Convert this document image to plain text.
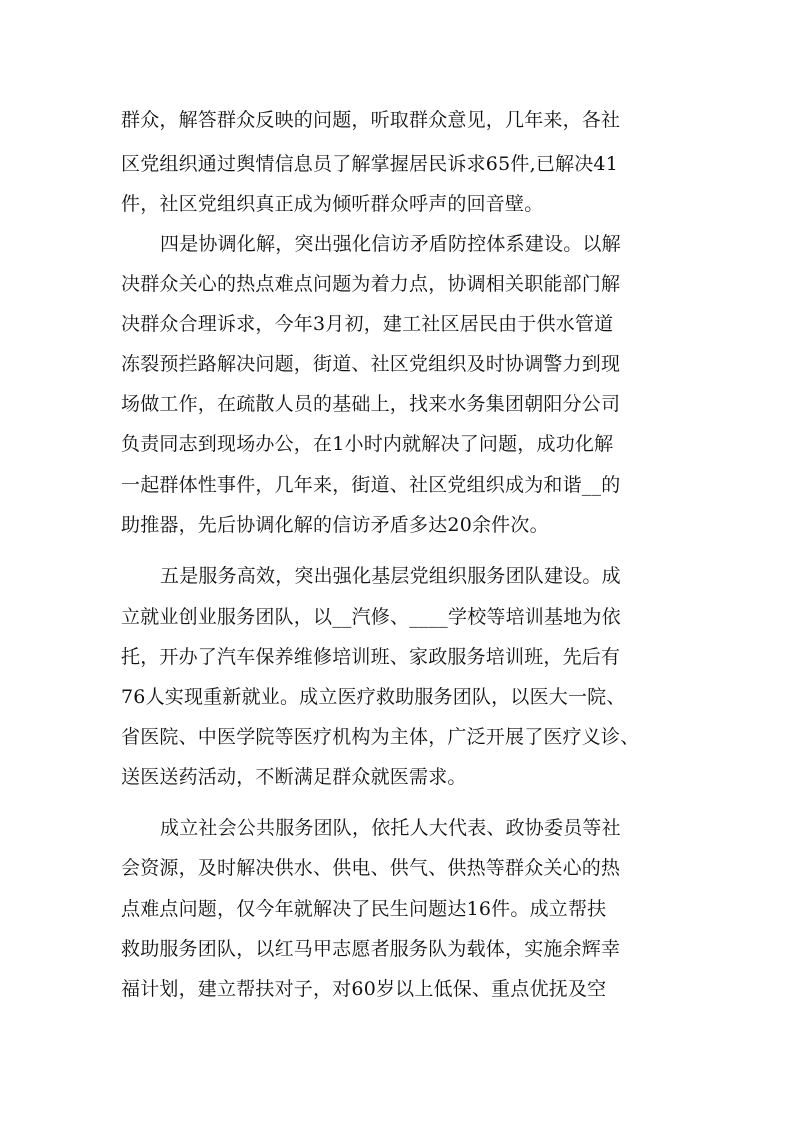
群众，解答群众反映的问题，听取群众意见，几年来，各社
区党组织通过舆情信息员了解掌握居民诉求65件,已解决41
件，社区党组织真正成为倾听群众呼声的回音壁。
四是协调化解，突出强化信访矛盾防控体系建设。以解
决群众关心的热点难点问题为着力点，协调相关职能部门解
决群众合理诉求，今年3月初，建工社区居民由于供水管道
冻裂预拦路解决问题，街道、社区党组织及时协调警力到现
场做工作，在疏散人员的基础上，找来水务集团朝阳分公司
负责同志到现场办公，在1小时内就解决了问题，成功化解
一起群体性事件，几年来，街道、社区党组织成为和谐__的
助推器，先后协调化解的信访矛盾多达20余件次。
五是服务高效，突出强化基层党组织服务团队建设。成
立就业创业服务团队，以__汽修、____学校等培训基地为依
托，开办了汽车保养维修培训班、家政服务培训班，先后有
76人实现重新就业。成立医疗救助服务团队，以医大一院、
省医院、中医学院等医疗机构为主体，广泛开展了医疗义诊、
送医送药活动，不断满足群众就医需求。
成立社会公共服务团队，依托人大代表、政协委员等社
会资源，及时解决供水、供电、供气、供热等群众关心的热
点难点问题，仅今年就解决了民生问题达16件。成立帮扶
救助服务团队，以红马甲志愿者服务队为载体，实施余辉幸
福计划，建立帮扶对子，对60岁以上低保、重点优抚及空
